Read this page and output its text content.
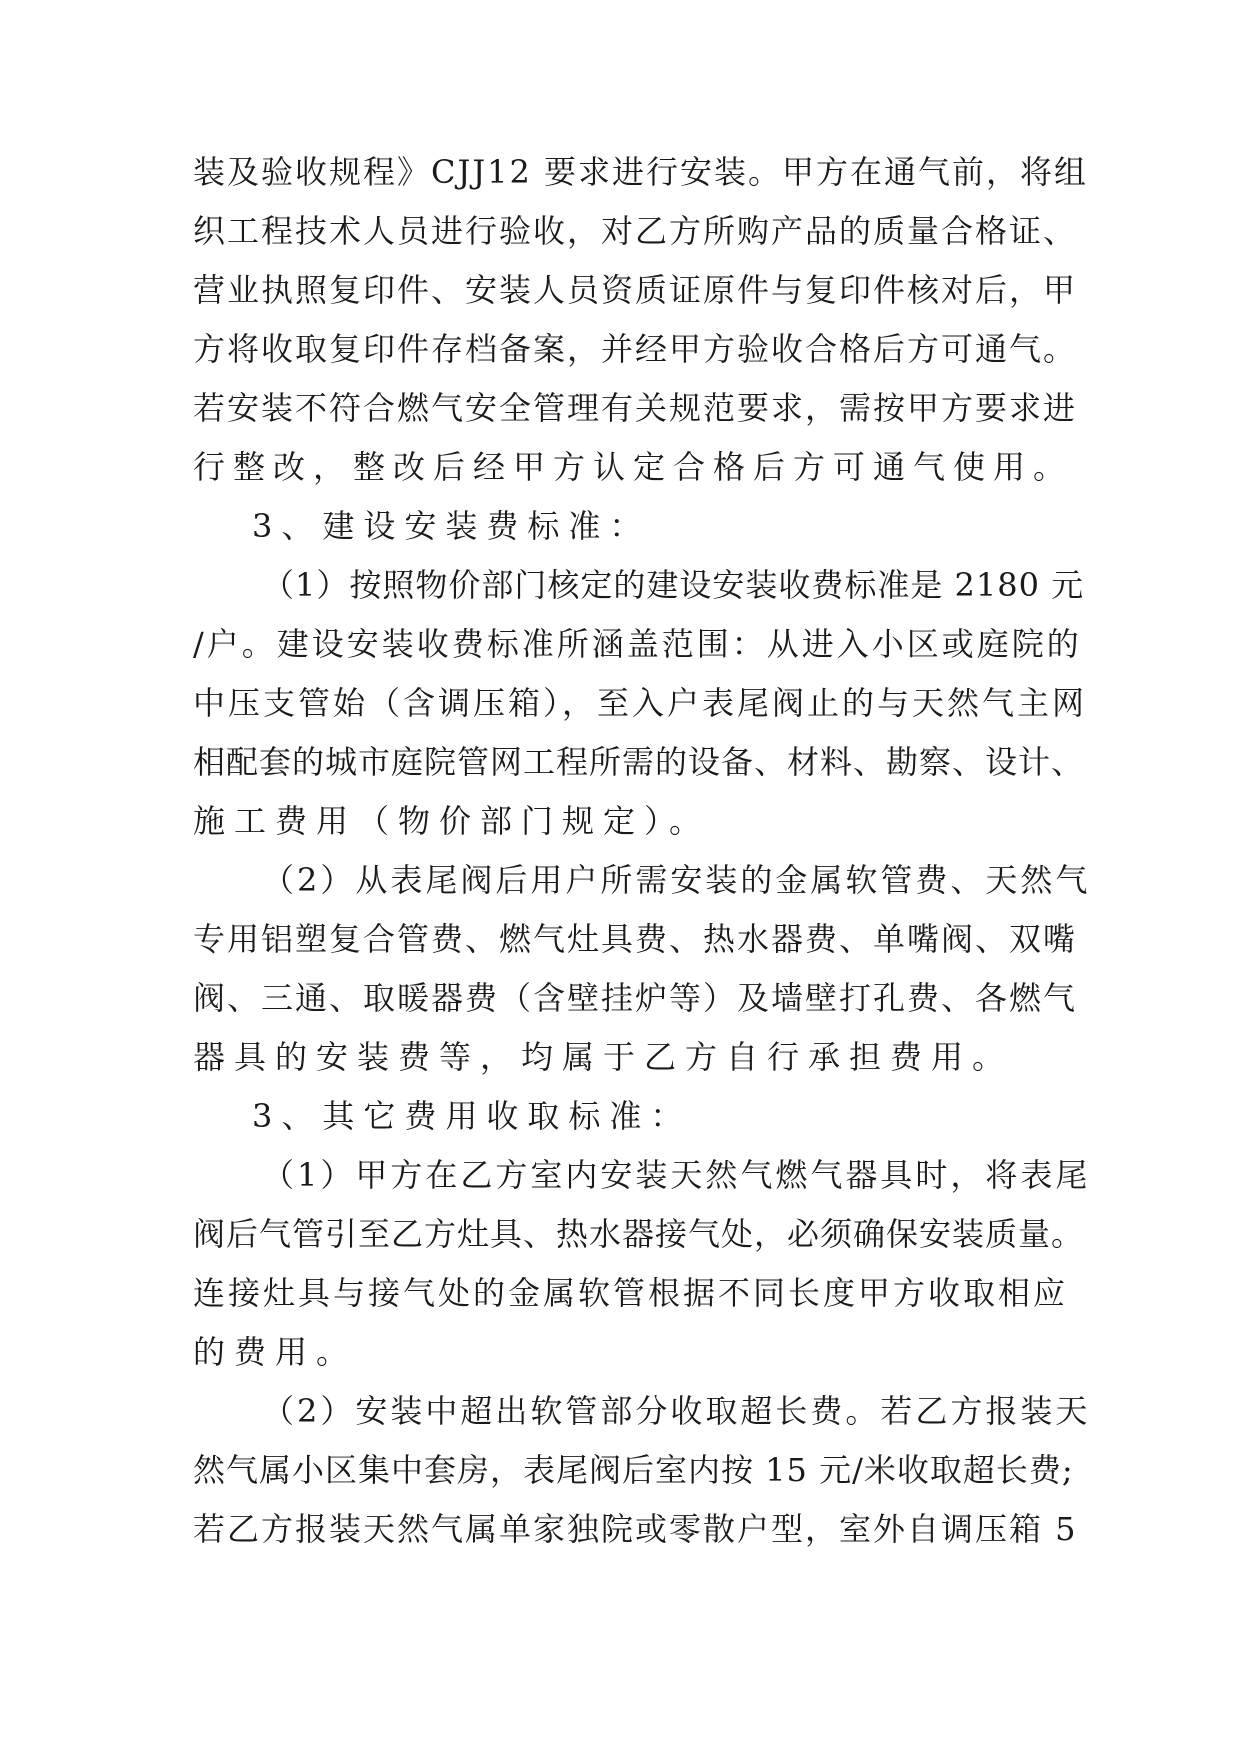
装及验收规程》CJJ12 要求进行安装。甲方在通气前，将组
织工程技术人员进行验收，对乙方所购产品的质量合格证、
营业执照复印件、安装人员资质证原件与复印件核对后，甲
方将收取复印件存档备案，并经甲方验收合格后方可通气。
若安装不符合燃气安全管理有关规范要求，需按甲方要求进
行整改，整改后经甲方认定合格后方可通气使用。
3、建设安装费标准：
（1）按照物价部门核定的建设安装收费标准是 2180 元
/户。建设安装收费标准所涵盖范围：从进入小区或庭院的
中压支管始（含调压箱），至入户表尾阀止的与天然气主网
相配套的城市庭院管网工程所需的设备、材料、勘察、设计、
施工费用（物价部门规定）。
（2）从表尾阀后用户所需安装的金属软管费、天然气
专用铝塑复合管费、燃气灶具费、热水器费、单嘴阀、双嘴
阀、三通、取暖器费（含壁挂炉等）及墙壁打孔费、各燃气
器具的安装费等，均属于乙方自行承担费用。
3、其它费用收取标准：
（1）甲方在乙方室内安装天然气燃气器具时，将表尾
阀后气管引至乙方灶具、热水器接气处，必须确保安装质量。
连接灶具与接气处的金属软管根据不同长度甲方收取相应
的费用。
（2）安装中超出软管部分收取超长费。若乙方报装天
然气属小区集中套房，表尾阀后室内按 15 元/米收取超长费;
若乙方报装天然气属单家独院或零散户型，室外自调压箱 5
